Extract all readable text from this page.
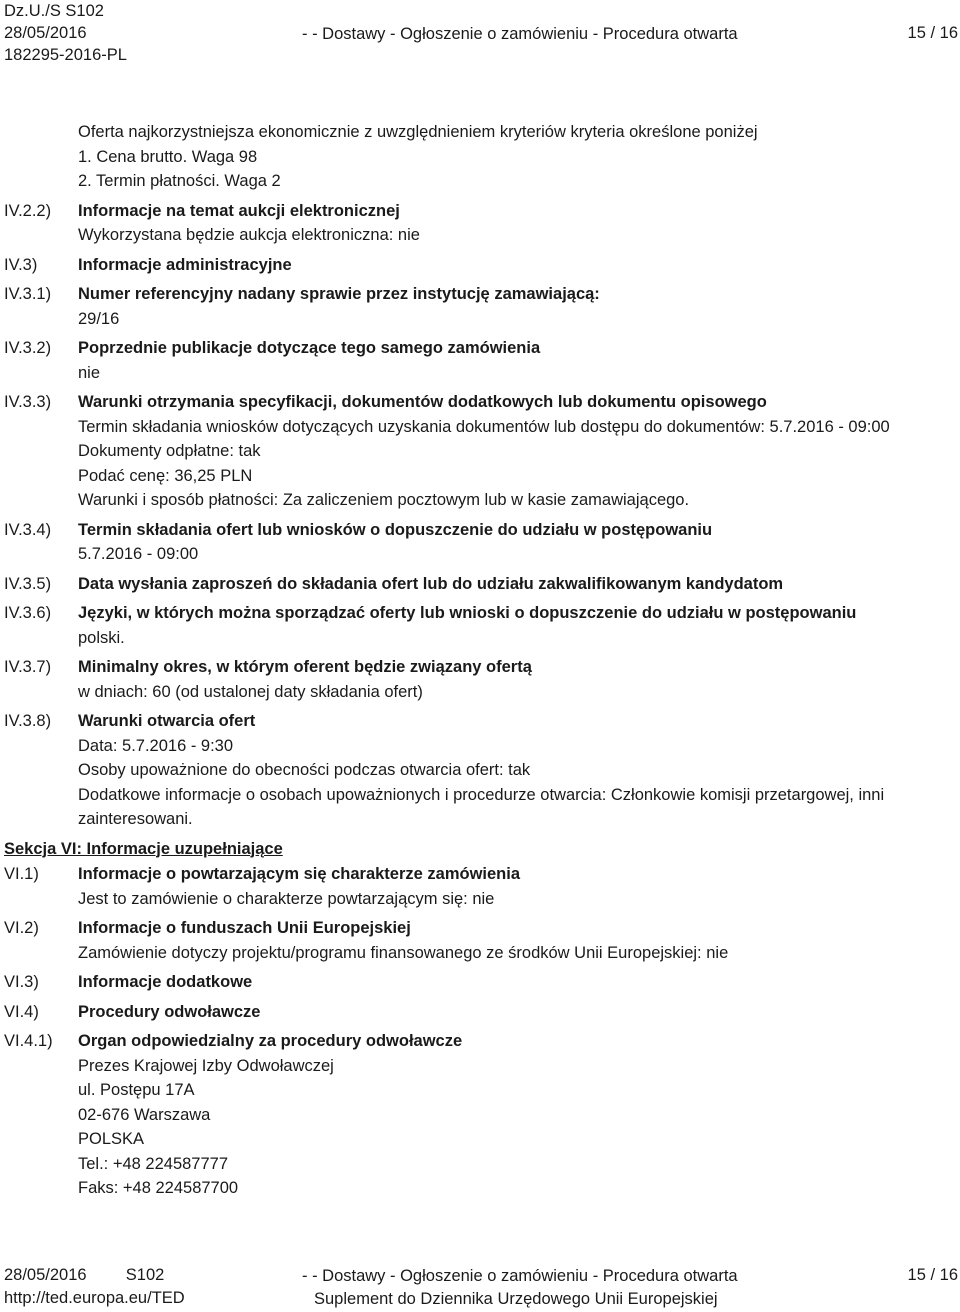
Dz.U./S S102
28/05/2016	15 / 16
- - Dostawy - Ogłoszenie o zamówieniu - Procedura otwarta
182295-2016-PL
Oferta najkorzystniejsza ekonomicznie z uwzględnieniem kryteriów kryteria określone poniżej
1. Cena brutto. Waga 98
2. Termin płatności. Waga 2
IV.2.2)	Informacje na temat aukcji elektronicznej
Wykorzystana będzie aukcja elektroniczna: nie
IV.3)	Informacje administracyjne
IV.3.1)	Numer referencyjny nadany sprawie przez instytucję zamawiającą:
29/16
IV.3.2)	Poprzednie publikacje dotyczące tego samego zamówienia
nie
IV.3.3)	Warunki otrzymania specyfikacji, dokumentów dodatkowych lub dokumentu opisowego
Termin składania wniosków dotyczących uzyskania dokumentów lub dostępu do dokumentów: 5.7.2016 - 09:00
Dokumenty odpłatne: tak
Podać cenę: 36,25 PLN
Warunki i sposób płatności: Za zaliczeniem pocztowym lub w kasie zamawiającego.
IV.3.4)	Termin składania ofert lub wniosków o dopuszczenie do udziału w postępowaniu
5.7.2016 - 09:00
IV.3.5)	Data wysłania zaproszeń do składania ofert lub do udziału zakwalifikowanym kandydatom
IV.3.6)	Języki, w których można sporządzać oferty lub wnioski o dopuszczenie do udziału w postępowaniu
polski.
IV.3.7)	Minimalny okres, w którym oferent będzie związany ofertą
w dniach: 60 (od ustalonej daty składania ofert)
IV.3.8)	Warunki otwarcia ofert
Data: 5.7.2016 - 9:30
Osoby upoważnione do obecności podczas otwarcia ofert: tak
Dodatkowe informacje o osobach upoważnionych i procedurze otwarcia: Członkowie komisji przetargowej, inni zainteresowani.
Sekcja VI: Informacje uzupełniające
VI.1)	Informacje o powtarzającym się charakterze zamówienia
Jest to zamówienie o charakterze powtarzającym się: nie
VI.2)	Informacje o funduszach Unii Europejskiej
Zamówienie dotyczy projektu/programu finansowanego ze środków Unii Europejskiej: nie
VI.3)	Informacje dodatkowe
VI.4)	Procedury odwoławcze
VI.4.1)	Organ odpowiedzialny za procedury odwoławcze
Prezes Krajowej Izby Odwoławczej
ul. Postępu 17A
02-676 Warszawa
POLSKA
Tel.: +48 224587777
Faks: +48 224587700
28/05/2016 S102	15 / 16
- - Dostawy - Ogłoszenie o zamówieniu - Procedura otwarta
http://ted.europa.eu/TED	Suplement do Dziennika Urzędowego Unii Europejskiej
